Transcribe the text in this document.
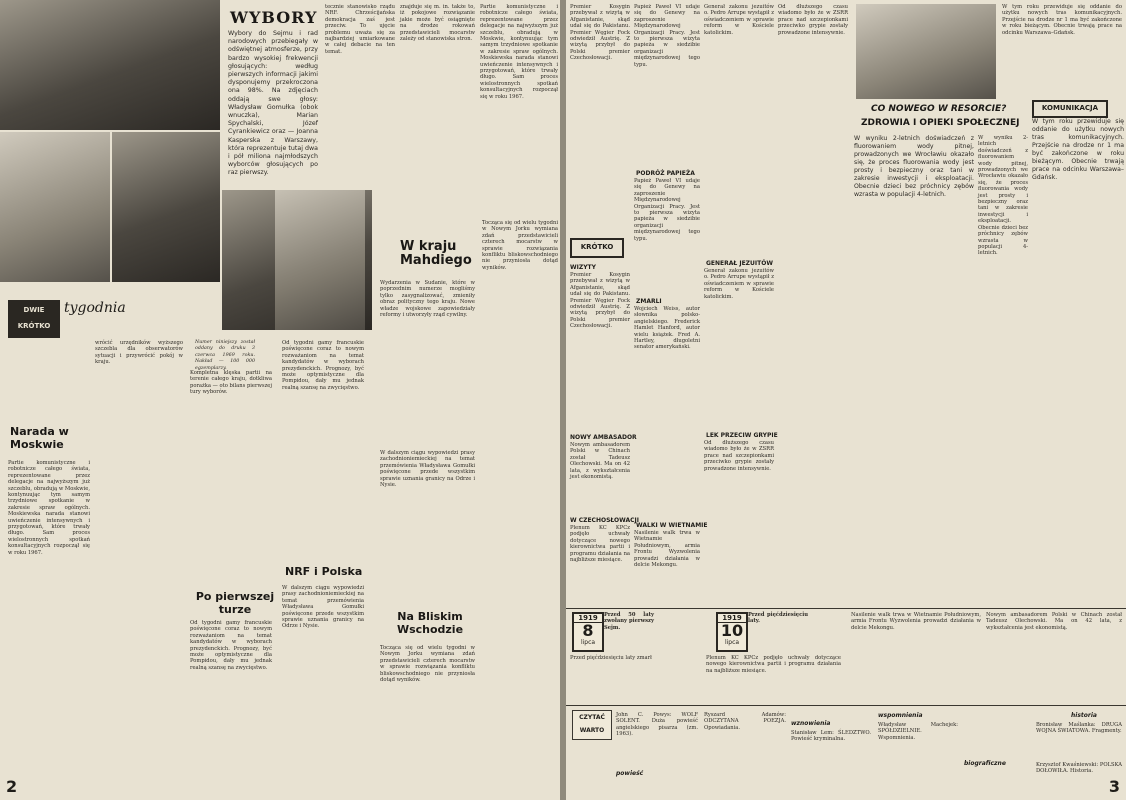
WYBORY
Wybory do Sejmu i rad narodowych przebiegały w odświętnej atmosferze, przy bardzo wysokiej frekwencji głosujących: według pierwszych informacji jakimi dysponujemy przekroczona ona 98%. Na zdjęciach oddają swe głosy: Władysław Gomułka (obok wnuczka), Marian Spychalski, Józef Cyrankiewicz oraz — Joanna Kasperska z Warszawy, która reprezentuje tutaj dwa i pół miliona najmłodszych wyborców głosujących po raz pierwszy.
tecznie stanowisko rządu NRF. Chrześcijańska demokracja zaś jest przeciw. To ujęcie problemu uważa się za najbardziej umiarkowane w całej debacie na ten temat.
znajduje się m. in. także to, iż pokojowe rozwiązanie jakie może być osiągnięte na drodze rokowań przedstawicieli mocarstw zależy od stanowiska stron.
Partie komunistyczne i robotnicze całego świata, reprezentowane przez delegacje na najwyższym już szczeblu, obradują w Moskwie, kontynuując tym samym trzydniowe spotkanie w zakresie spraw ogólnych. Moskiewska narada stanowi uwieńczenie intensywnych i przygotowań, które trwały długo. Sam proces wielostronnych spotkań konsultacyjnych rozpoczął się w roku 1967.
W kraju Mahdiego
Wydarzenia w Sudanie, które w poprzednim numerze mogliśmy tylko zasygnalizować, zmieniły obraz polityczny tego kraju. Nowe władze wojskowe zapowiedziały reformy i utworzyły rząd cywilny.
DWIE KRÓTKO
tygodnia
Numer niniejszy został oddany do druku 3 czerwca 1969 roku. Nakład — 100 000 egzemplarzy.
Narada w Moskwie
Partie komunistyczne i robotnicze całego świata, reprezentowane przez delegacje na najwyższym już szczeblu, obradują w Moskwie, kontynuując tym samym trzydniowe spotkanie w zakresie spraw ogólnych. Moskiewska narada stanowi uwieńczenie intensywnych i przygotowań, które trwały długo. Sam proces wielostronnych spotkań konsultacyjnych rozpoczął się w roku 1967.
wrócić urzędników wyższego szczebla dla obserwatorów sytuacji i przywrócić pokój w kraju.
Po pierwszej turze
Od tygodni gamy francuskie poświęcone coraz to nowym rozważaniom na temat kandydatów w wyborach prezydenckich. Prognozy, być może optymistyczne dla Pompidou, dały mu jednak realną szansę na zwycięstwo.
Kompletna klęska partii na terenie całego kraju, dotkliwa porażka — oto bilans pierwszej tury wyborów.
Od tygodni gamy francuskie poświęcone coraz to nowym rozważaniom na temat kandydatów w wyborach prezydenckich. Prognozy, być może optymistyczne dla Pompidou, dały mu jednak realną szansę na zwycięstwo.
NRF i Polska
W dalszym ciągu wypowiedzi prasy zachodnioniemieckiej na temat przemówienia Władysława Gomułki poświęcone przede wszystkim sprawie uznania granicy na Odrze i Nysie.
W dalszym ciągu wypowiedzi prasy zachodnioniemieckiej na temat przemówienia Władysława Gomułki poświęcone przede wszystkim sprawie uznania granicy na Odrze i Nysie.
Na Bliskim Wschodzie
Tocząca się od wielu tygodni w Nowym Jorku wymiana zdań przedstawicieli czterech mocarstw w sprawie rozwiązania konfliktu bliskowschodniego nie przyniosła dotąd wyników.
Tocząca się od wielu tygodni w Nowym Jorku wymiana zdań przedstawicieli czterech mocarstw w sprawie rozwiązania konfliktu bliskowschodniego nie przyniosła dotąd wyników.
2
KRÓTKO
Premier Kosygin przebywał z wizytą w Afganistanie, skąd udał się do Pakistanu. Premier Węgier Fock odwiedził Austrię. Z wizytą przybył do Polski premier Czechosłowacji.
WIZYTY
Premier Kosygin przebywał z wizytą w Afganistanie, skąd udał się do Pakistanu. Premier Węgier Fock odwiedził Austrię. Z wizytą przybył do Polski premier Czechosłowacji.
Papież Paweł VI udaje się do Genewy na zaproszenie Międzynarodowej Organizacji Pracy. Jest to pierwsza wizyta papieża w siedzibie organizacji międzynarodowej tego typu.
PODRÓŻ PAPIEŻA
Papież Paweł VI udaje się do Genewy na zaproszenie Międzynarodowej Organizacji Pracy. Jest to pierwsza wizyta papieża w siedzibie organizacji międzynarodowej tego typu.
ZMARLI
Wojciech Weiss, autor słownika polsko-angielskiego. Frederick Hamlet Hanford, autor wielu książek. Fred A. Hartley, długoletni senator amerykański.
Generał zakonu jezuitów o. Pedro Arrupe wystąpił z oświadczeniem w sprawie reform w Kościele katolickim.
GENERAŁ JEZUITÓW
Generał zakonu jezuitów o. Pedro Arrupe wystąpił z oświadczeniem w sprawie reform w Kościele katolickim.
NOWY AMBASADOR
Nowym ambasadorem Polski w Chinach został Tadeusz Olechowski. Ma on 42 lata, z wykształcenia jest ekonomistą.
W CZECHOSŁOWACJI
Plenum KC KPCz podjęło uchwały dotyczące nowego kierownictwa partii i programu działania na najbliższe miesiące.
WALKI W WIETNAMIE
Nasilenie walk trwa w Wietnamie Południowym, armia Frontu Wyzwolenia prowadzi działania w delcie Mekongu.
LEK PRZECIW GRYPIE
Od dłuższego czasu wiadomo było że w ZSRR prace nad szczepionkami przeciwko grypie zostały prowadzone intensywnie.
Od dłuższego czasu wiadomo było że w ZSRR prace nad szczepionkami przeciwko grypie zostały prowadzone intensywnie.
CO NOWEGO W RESORCIE?
ZDROWIA I OPIEKI SPOŁECZNEJ
W wyniku 2-letnich doświadczeń z fluorowaniem wody pitnej, prowadzonych we Wrocławiu okazało się, że proces fluorowania wody jest prosty i bezpieczny oraz tani w zakresie inwestycji i eksploatacji. Obecnie dzieci bez próchnicy zębów wzrasta w populacji 4-letnich.
W wyniku 2-letnich doświadczeń z fluorowaniem wody pitnej, prowadzonych we Wrocławiu okazało się, że proces fluorowania wody jest prosty i bezpieczny oraz tani w zakresie inwestycji i eksploatacji. Obecnie dzieci bez próchnicy zębów wzrasta w populacji 4-letnich.
W tym roku przewiduje się oddanie do użytku nowych tras komunikacyjnych. Przejście na drodze nr 1 ma być zakończone w roku bieżącym. Obecnie trwają prace na odcinku Warszawa–Gdańsk.
KOMUNIKACJA
W tym roku przewiduje się oddanie do użytku nowych tras komunikacyjnych. Przejście na drodze nr 1 ma być zakończone w roku bieżącym. Obecnie trwają prace na odcinku Warszawa–Gdańsk.
1919
8
lipca
Przed 50 laty zwołany pierwszy Sejm.
1919
10
lipca
Przed pięćdziesięciu laty.
Przed pięćdziesięciu laty zmarł	Plenum KC KPCz podjęło uchwały dotyczące nowego kierownictwa partii i programu działania na najbliższe miesiące.
Nasilenie walk trwa w Wietnamie Południowym, armia Frontu Wyzwolenia prowadzi działania w delcie Mekongu.
Nowym ambasadorem Polski w Chinach został Tadeusz Olechowski. Ma on 42 lata, z wykształcenia jest ekonomistą.
CZYTAĆ WARTO
powieść
John C. Powys: WOLF SOLENT. Duża powieść angielskiego pisarza (zm. 1963).
Ryszard Adamów: ODCZYTANA POEZJA. Opowiadania.
wznowienia
Stanisław Lem: ŚLEDZTWO. Powieść kryminalna.
wspomnienia
Władysław Machejek: SPÓŁDZIELNIE. Wspomnienia.
biograficzne
historia
Bronisław Maślanka: DRUGA WOJNA ŚWIATOWA. Fragmenty.
Krzysztof Kwaśniewski: POLSKA DOŁOWIŁA. Historia.
3
